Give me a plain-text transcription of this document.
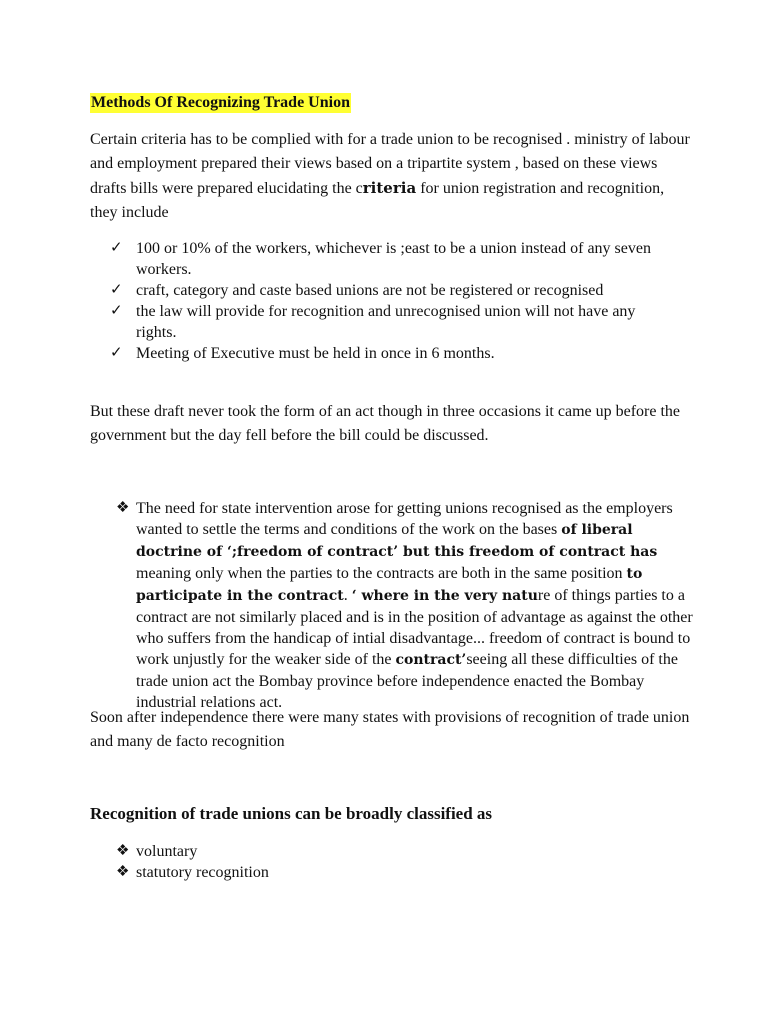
Methods Of Recognizing Trade Union
Certain criteria has to be complied with for a trade union to be recognised . ministry of labour and employment prepared their views based on a tripartite system , based on these views drafts bills were prepared elucidating the criteria for union registration and recognition, they include
✓ 100 or 10% of the workers, whichever is ;east to be a union instead of any seven workers.
✓ craft, category and caste based unions are not be registered or recognised
✓ the law will provide for recognition and unrecognised union will not have any rights.
✓ Meeting of Executive must be held in once in 6 months.
But these draft never took the form of an act though in three occasions it came up before the government but the day fell before the bill could be discussed.
❖ The need for state intervention arose for getting unions recognised as the employers wanted to settle the terms and conditions of the work on the bases of liberal doctrine of ‘;freedom of contract’ but this freedom of contract has meaning only when the parties to the contracts are both in the same position to participate in the contract. ‘ where in the very nature of things parties to a contract are not similarly placed and is in the position of advantage as against the other who suffers from the handicap of intial disadvantage... freedom of contract is bound to work unjustly for the weaker side of the contract’seeing all these difficulties of the trade union act the Bombay province before independence enacted the Bombay industrial relations act.
Soon after independence there were many states with provisions of recognition of trade union and many de facto recognition
Recognition of trade unions can be broadly classified as
❖ voluntary
❖ statutory recognition
